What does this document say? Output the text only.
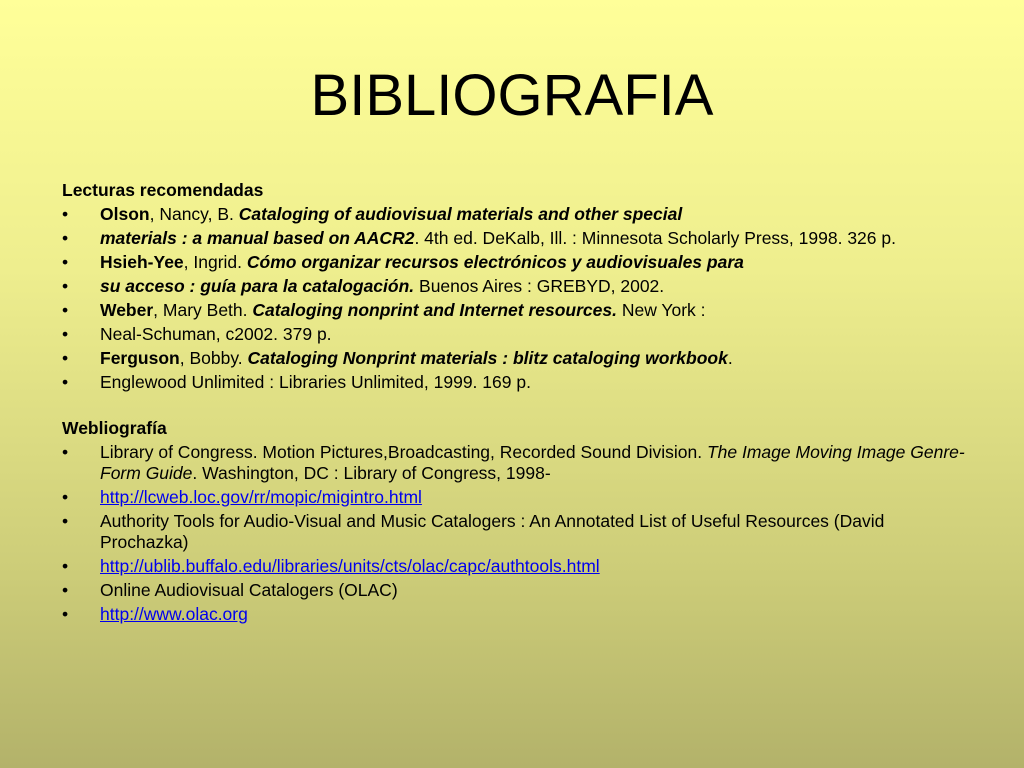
BIBLIOGRAFIA
Lecturas recomendadas
• Olson, Nancy, B. Cataloging of audiovisual materials and other special
• materials : a manual based on AACR2. 4th ed. DeKalb, Ill. : Minnesota Scholarly Press, 1998. 326 p.
• Hsieh-Yee, Ingrid. Cómo organizar recursos electrónicos y audiovisuales para
• su acceso : guía para la catalogación. Buenos Aires : GREBYD, 2002.
• Weber, Mary Beth. Cataloging nonprint and Internet resources. New York :
• Neal-Schuman, c2002. 379 p.
• Ferguson, Bobby. Cataloging Nonprint materials : blitz cataloging workbook.
• Englewood Unlimited : Libraries Unlimited, 1999. 169 p.
Webliografía
• Library of Congress. Motion Pictures,Broadcasting, Recorded Sound Division. The Image Moving Image Genre-Form Guide. Washington, DC : Library of Congress, 1998-
• http://lcweb.loc.gov/rr/mopic/migintro.html
• Authority Tools for Audio-Visual and Music Catalogers : An Annotated List of Useful Resources (David Prochazka)
• http://ublib.buffalo.edu/libraries/units/cts/olac/capc/authtools.html
• Online Audiovisual Catalogers (OLAC)
• http://www.olac.org
